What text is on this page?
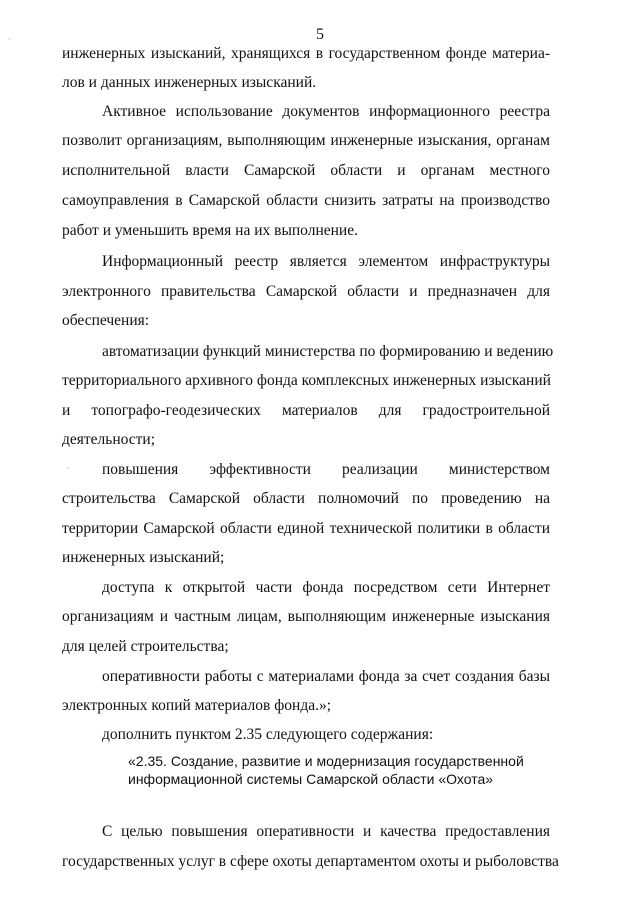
5
ˎ
·
инженерных изысканий, хранящихся в государственном фонде материа-
лов и данных инженерных изысканий.
Активное использование документов информационного реестра
позволит организациям, выполняющим инженерные изыскания, органам
исполнительной власти Самарской области и органам местного
самоуправления в Самарской области снизить затраты на производство
работ и уменьшить время на их выполнение.
Информационный реестр является элементом инфраструктуры
электронного правительства Самарской области и предназначен для
обеспечения:
автоматизации функций министерства по формированию и ведению
территориального архивного фонда комплексных инженерных изысканий
и топографо-геодезических материалов для градостроительной
деятельности;
повышения эффективности реализации министерством
строительства Самарской области полномочий по проведению на
территории Самарской области единой технической политики в области
инженерных изысканий;
доступа к открытой части фонда посредством сети Интернет
организациям и частным лицам, выполняющим инженерные изыскания
для целей строительства;
оперативности работы с материалами фонда за счет создания базы
электронных копий материалов фонда.»;
дополнить пунктом 2.35 следующего содержания:
«2.35. Создание, развитие и модернизация государственной
информационной системы Самарской области «Охота»
С целью повышения оперативности и качества предоставления
государственных услуг в сфере охоты департаментом охоты и рыболовства
